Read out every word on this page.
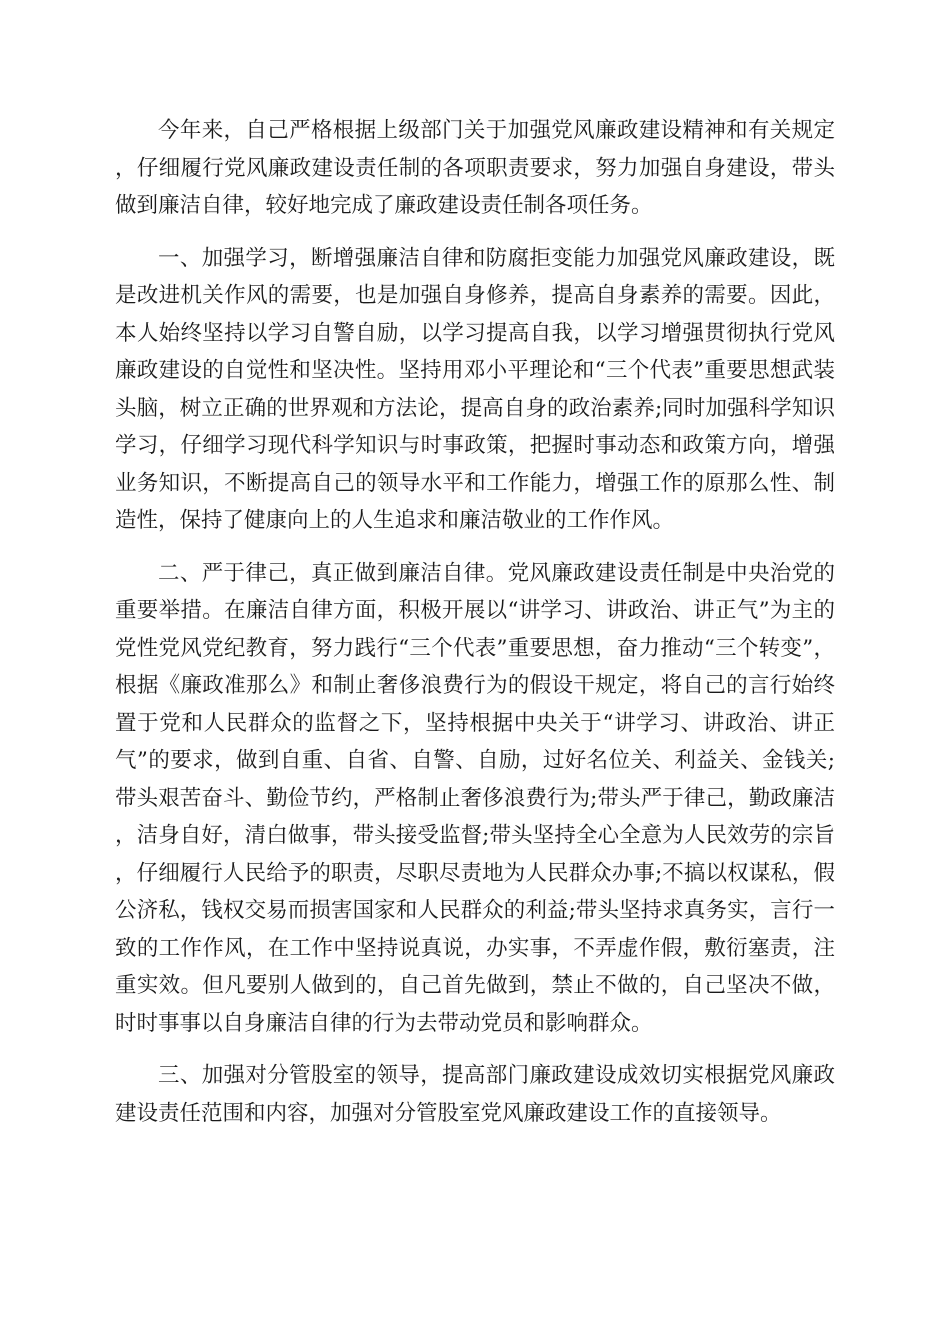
今年来，自己严格根据上级部门关于加强党风廉政建设精神和有关规定，仔细履行党风廉政建设责任制的各项职责要求，努力加强自身建设，带头做到廉洁自律，较好地完成了廉政建设责任制各项任务。

一、加强学习，断增强廉洁自律和防腐拒变能力加强党风廉政建设，既是改进机关作风的需要，也是加强自身修养，提高自身素养的需要。因此，本人始终坚持以学习自警自励，以学习提高自我，以学习增强贯彻执行党风廉政建设的自觉性和坚决性。坚持用邓小平理论和“三个代表”重要思想武装头脑，树立正确的世界观和方法论，提高自身的政治素养;同时加强科学知识学习，仔细学习现代科学知识与时事政策，把握时事动态和政策方向，增强业务知识，不断提高自己的领导水平和工作能力，增强工作的原那么性、制造性，保持了健康向上的人生追求和廉洁敬业的工作作风。

二、严于律己，真正做到廉洁自律。党风廉政建设责任制是中央治党的重要举措。在廉洁自律方面，积极开展以“讲学习、讲政治、讲正气”为主的党性党风党纪教育，努力践行“三个代表”重要思想，奋力推动“三个转变”，根据《廉政准那么》和制止奢侈浪费行为的假设干规定，将自己的言行始终置于党和人民群众的监督之下，坚持根据中央关于“讲学习、讲政治、讲正气”的要求，做到自重、自省、自警、自励，过好名位关、利益关、金钱关;带头艰苦奋斗、勤俭节约，严格制止奢侈浪费行为;带头严于律己，勤政廉洁，洁身自好，清白做事，带头接受监督;带头坚持全心全意为人民效劳的宗旨，仔细履行人民给予的职责，尽职尽责地为人民群众办事;不搞以权谋私，假公济私，钱权交易而损害国家和人民群众的利益;带头坚持求真务实，言行一致的工作作风，在工作中坚持说真说，办实事，不弄虚作假，敷衍塞责，注重实效。但凡要别人做到的，自己首先做到，禁止不做的，自己坚决不做，时时事事以自身廉洁自律的行为去带动党员和影响群众。

三、加强对分管股室的领导，提高部门廉政建设成效切实根据党风廉政建设责任范围和内容，加强对分管股室党风廉政建设工作的直接领导。
